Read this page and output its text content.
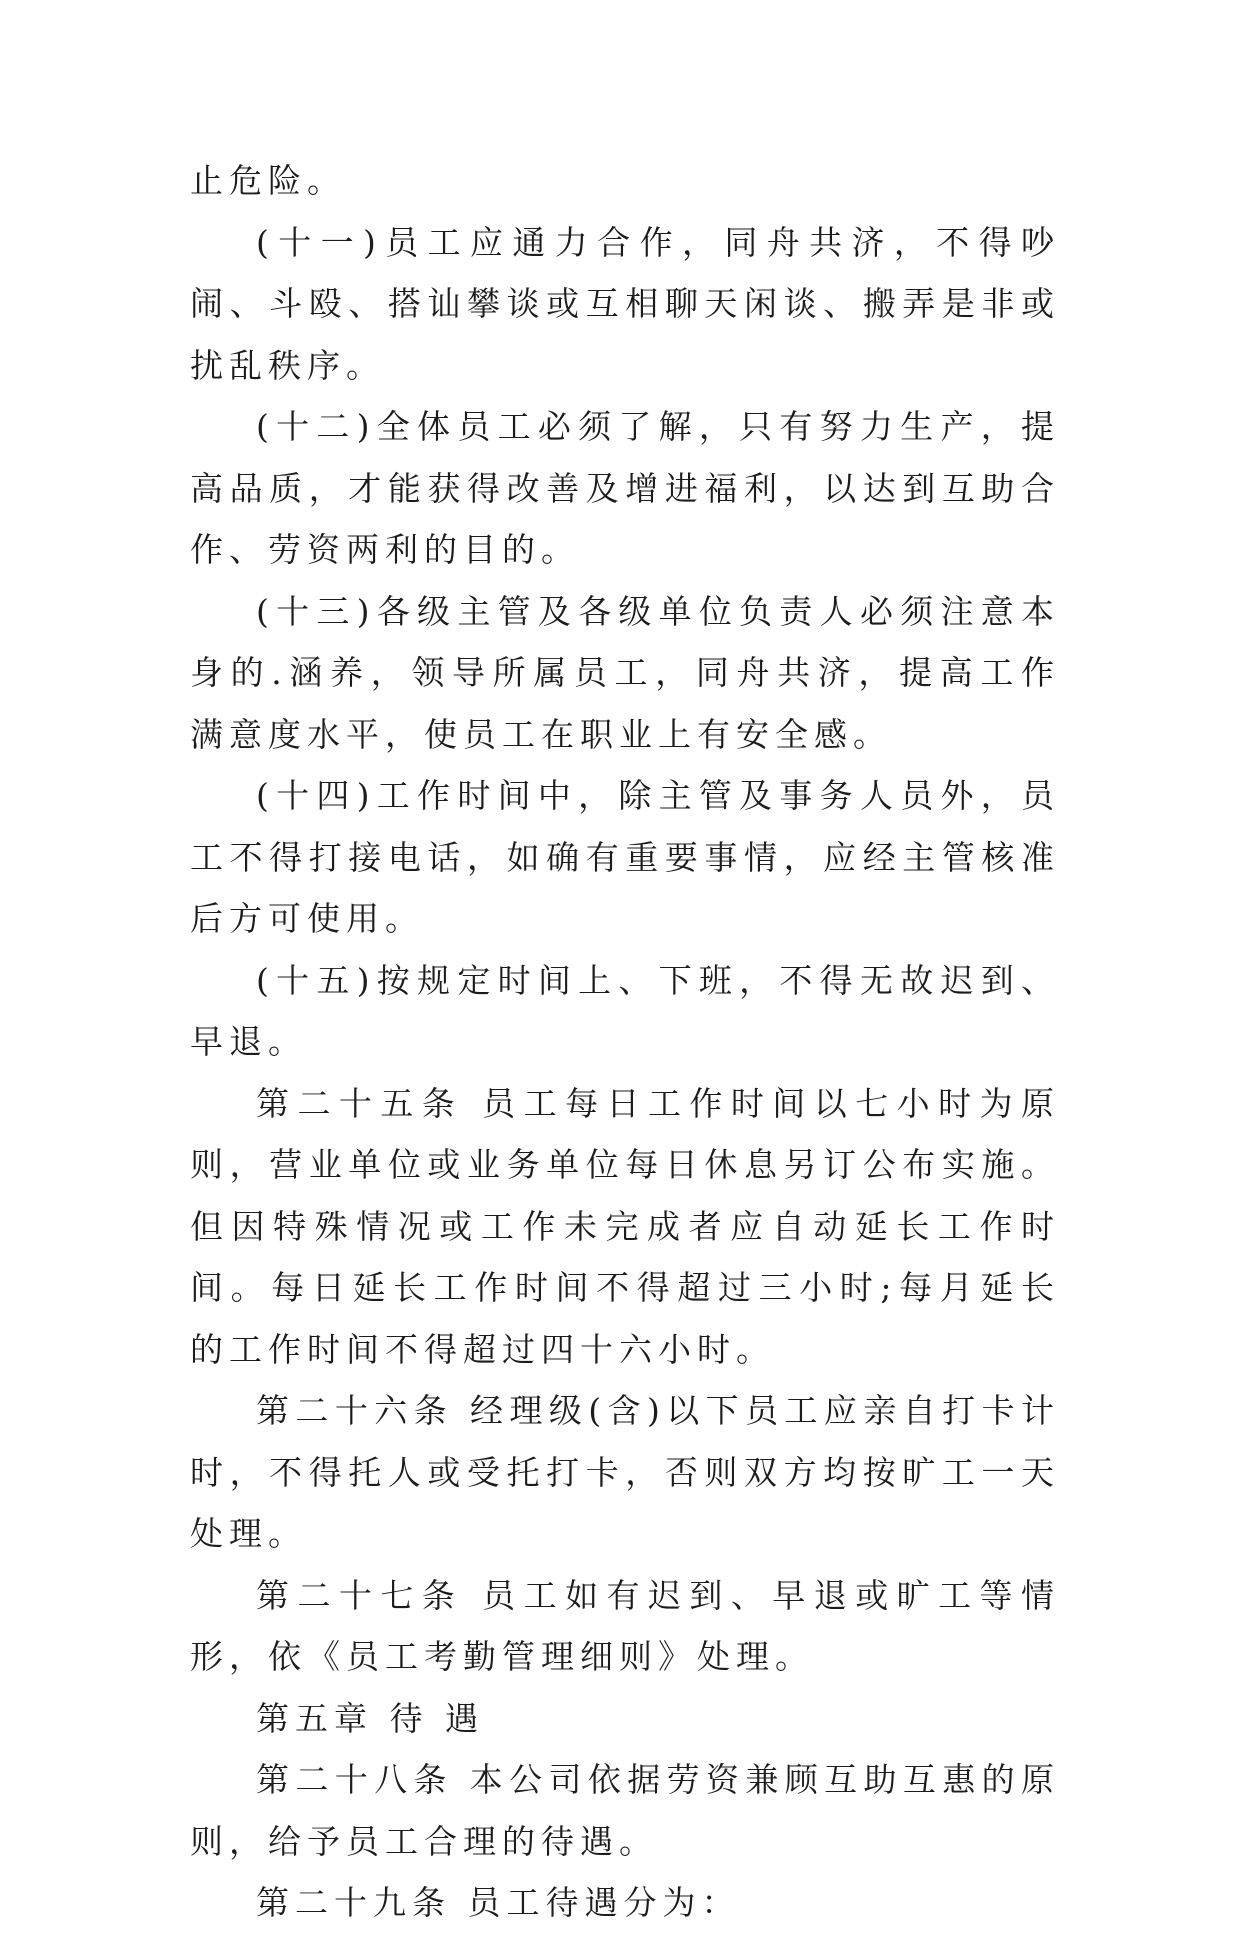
止危险。

(十一)员工应通力合作，同舟共济，不得吵闹、斗殴、搭讪攀谈或互相聊天闲谈、搬弄是非或扰乱秩序。

(十二)全体员工必须了解，只有努力生产，提高品质，才能获得改善及增进福利，以达到互助合作、劳资两利的目的。

(十三)各级主管及各级单位负责人必须注意本身的.涵养，领导所属员工，同舟共济，提高工作满意度水平，使员工在职业上有安全感。

(十四)工作时间中，除主管及事务人员外，员工不得打接电话，如确有重要事情，应经主管核准后方可使用。

(十五)按规定时间上、下班，不得无故迟到、早退。

第二十五条 员工每日工作时间以七小时为原则，营业单位或业务单位每日休息另订公布实施。但因特殊情况或工作未完成者应自动延长工作时间。每日延长工作时间不得超过三小时;每月延长的工作时间不得超过四十六小时。

第二十六条 经理级(含)以下员工应亲自打卡计时，不得托人或受托打卡，否则双方均按旷工一天处理。

第二十七条 员工如有迟到、早退或旷工等情形，依《员工考勤管理细则》处理。

第五章 待 遇

第二十八条 本公司依据劳资兼顾互助互惠的原则，给予员工合理的待遇。

第二十九条 员工待遇分为：
